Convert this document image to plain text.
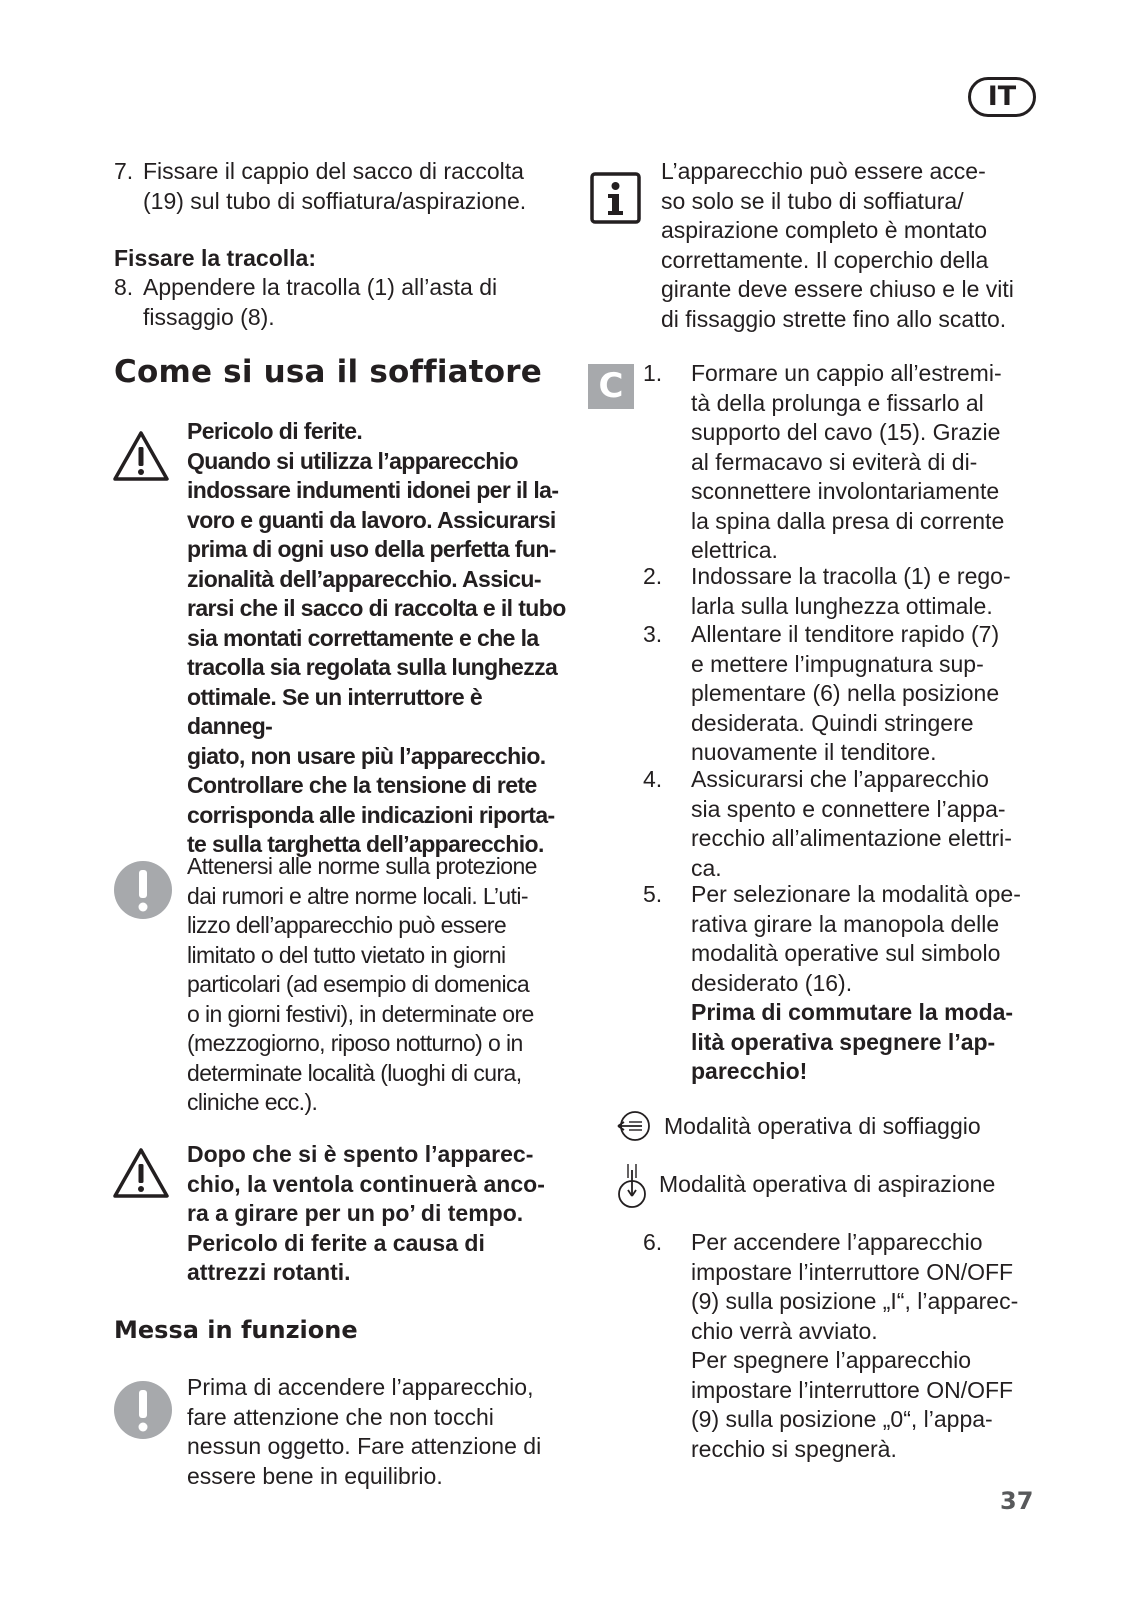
IT
7. Fissare il cappio del sacco di raccolta
(19) sul tubo di soffiatura/aspirazione.
Fissare la tracolla:
8. Appendere la tracolla (1) all’asta di
fissaggio (8).
Come si usa il soffiatore
Pericolo di ferite.
Quando si utilizza l’apparecchio
indossare indumenti idonei per il la-
voro e guanti da lavoro. Assicurarsi
prima di ogni uso della perfetta fun-
zionalità dell’apparecchio. Assicu-
rarsi che il sacco di raccolta e il tubo
sia montati correttamente e che la
tracolla sia regolata sulla lunghezza
ottimale. Se un interruttore è danneg-
giato, non usare più l’apparecchio.
Controllare che la tensione di rete
corrisponda alle indicazioni riporta-
te sulla targhetta dell’apparecchio.
Attenersi alle norme sulla protezione
dai rumori e altre norme locali. L’uti-
lizzo dell’apparecchio può essere
limitato o del tutto vietato in giorni
particolari (ad esempio di domenica
o in giorni festivi), in determinate ore
(mezzogiorno, riposo notturno) o in
determinate località (luoghi di cura,
cliniche ecc.).
Dopo che si è spento l’apparec-
chio, la ventola continuerà anco-
ra a girare per un po’ di tempo.
Pericolo di ferite a causa di
attrezzi rotanti.
Messa in funzione
Prima di accendere l’apparecchio,
fare attenzione che non tocchi
nessun oggetto. Fare attenzione di
essere bene in equilibrio.
L’apparecchio può essere acce-
so solo se il tubo di soffiatura/
aspirazione completo è montato
correttamente. Il coperchio della
girante deve essere chiuso e le viti
di fissaggio strette fino allo scatto.
C 1. Formare un cappio all’estremi-
tà della prolunga e fissarlo al
supporto del cavo (15). Grazie
al fermacavo si eviterà di di-
sconnettere involontariamente
la spina dalla presa di corrente
elettrica.
2. Indossare la tracolla (1) e rego-
larla sulla lunghezza ottimale.
3. Allentare il tenditore rapido (7)
e mettere l’impugnatura sup-
plementare (6) nella posizione
desiderata. Quindi stringere
nuovamente il tenditore.
4. Assicurarsi che l’apparecchio
sia spento e connettere l’appa-
recchio all’alimentazione elettri-
ca.
5. Per selezionare la modalità ope-
rativa girare la manopola delle
modalità operative sul simbolo
desiderato (16).
Prima di commutare la moda-
lità operativa spegnere l’ap-
parecchio!
Modalità operativa di soffiaggio
Modalità operativa di aspirazione
6. Per accendere l’apparecchio
impostare l’interruttore ON/OFF
(9) sulla posizione „I“, l’apparec-
chio verrà avviato.
Per spegnere l’apparecchio
impostare l’interruttore ON/OFF
(9) sulla posizione „0“, l’appa-
recchio si spegnerà.
37
